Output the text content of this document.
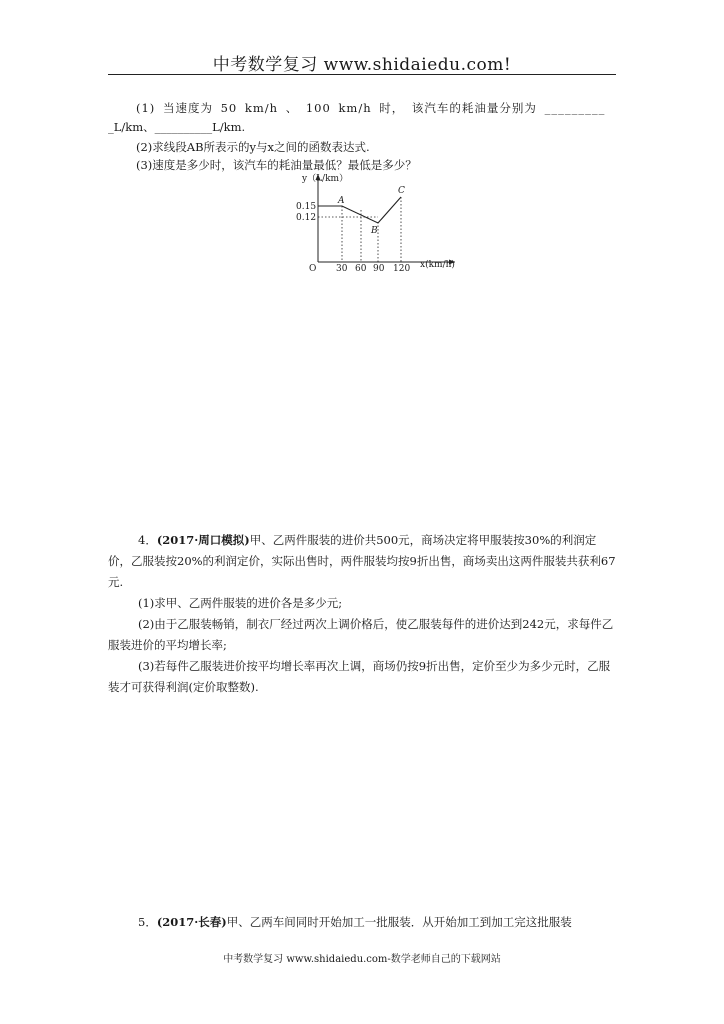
中考数学复习 www.shidaiedu.com!
(1) 当速度为 50 km/h 、 100 km/h 时， 该汽车的耗油量分别为 _________
_L/km、__________L/km.
(2)求线段AB所表示的y与x之间的函数表达式.
(3)速度是多少时，该汽车的耗油量最低？最低是多少？
y（L/km）
x(km/h)
O 30 60 90 120
0.15
0.12
A
B
C
4．(2017·周口模拟)甲、乙两件服装的进价共500元，商场决定将甲服装按30%的利润定价，乙服装按20%的利润定价，实际出售时，两件服装均按9折出售，商场卖出这两件服装共获利67元.
(1)求甲、乙两件服装的进价各是多少元;
(2)由于乙服装畅销，制衣厂经过两次上调价格后，使乙服装每件的进价达到242元，求每件乙服装进价的平均增长率;
(3)若每件乙服装进价按平均增长率再次上调，商场仍按9折出售，定价至少为多少元时，乙服装才可获得利润(定价取整数).
5．(2017·长春)甲、乙两车间同时开始加工一批服装．从开始加工到加工完这批服装
中考数学复习 www.shidaiedu.com-数学老师自己的下载网站
